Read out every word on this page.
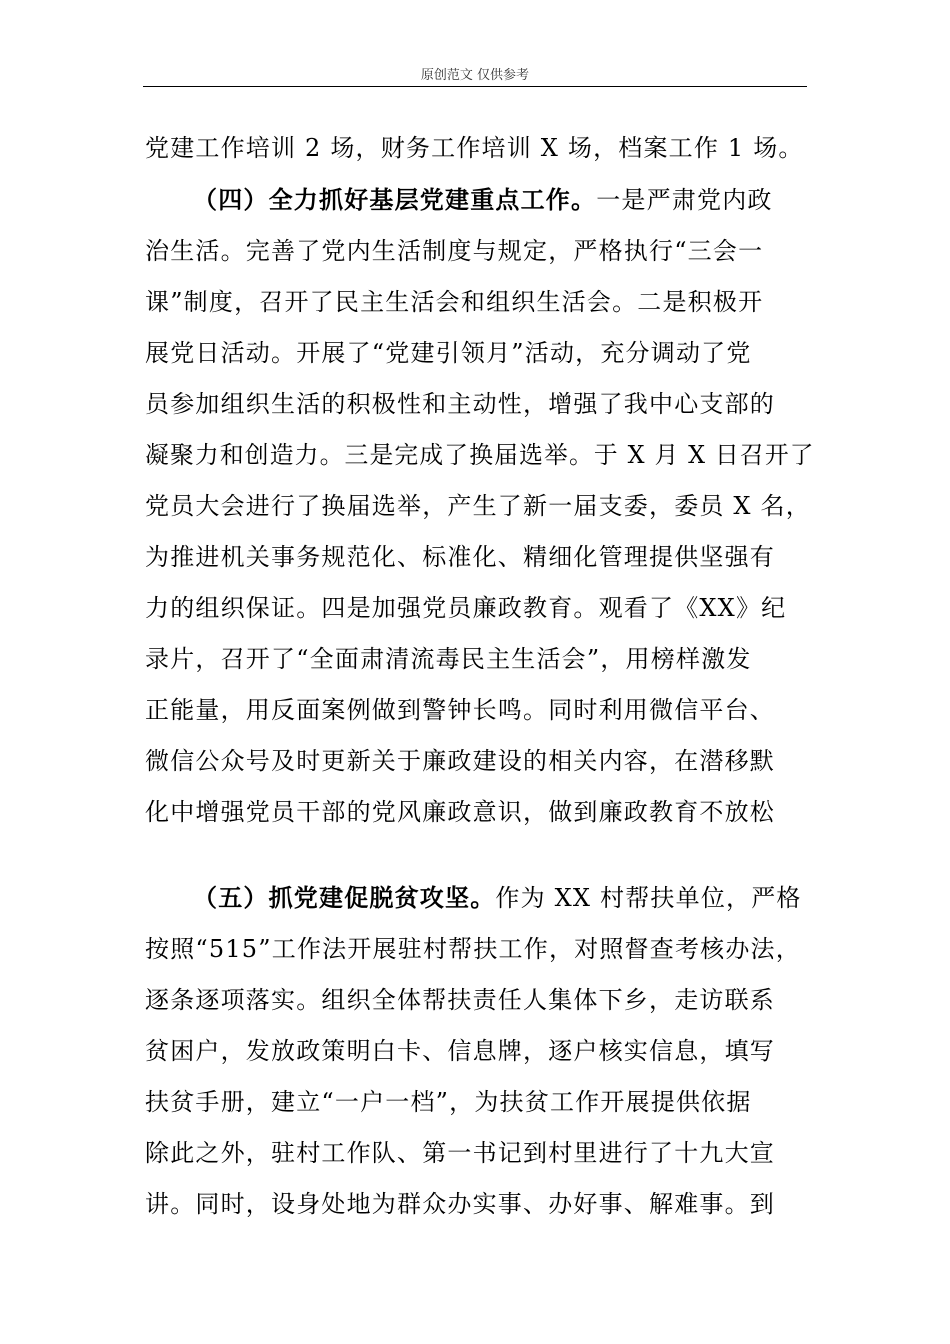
原创范文 仅供参考
党建工作培训 2 场，财务工作培训 X 场，档案工作 1 场。
（四）全力抓好基层党建重点工作。一是严肃党内政
治生活。完善了党内生活制度与规定，严格执行“三会一
课”制度，召开了民主生活会和组织生活会。二是积极开
展党日活动。开展了“党建引领月”活动，充分调动了党
员参加组织生活的积极性和主动性，增强了我中心支部的
凝聚力和创造力。三是完成了换届选举。于 X 月 X 日召开了
党员大会进行了换届选举，产生了新一届支委，委员 X 名，
为推进机关事务规范化、标准化、精细化管理提供坚强有
力的组织保证。四是加强党员廉政教育。观看了《XX》纪
录片，召开了“全面肃清流毒民主生活会”，用榜样激发
正能量，用反面案例做到警钟长鸣。同时利用微信平台、
微信公众号及时更新关于廉政建设的相关内容，在潜移默
化中增强党员干部的党风廉政意识，做到廉政教育不放松
（五）抓党建促脱贫攻坚。作为 XX 村帮扶单位，严格
按照“515”工作法开展驻村帮扶工作，对照督查考核办法，
逐条逐项落实。组织全体帮扶责任人集体下乡，走访联系
贫困户，发放政策明白卡、信息牌，逐户核实信息，填写
扶贫手册，建立“一户一档”，为扶贫工作开展提供依据
除此之外，驻村工作队、第一书记到村里进行了十九大宣
讲。同时，设身处地为群众办实事、办好事、解难事。到
